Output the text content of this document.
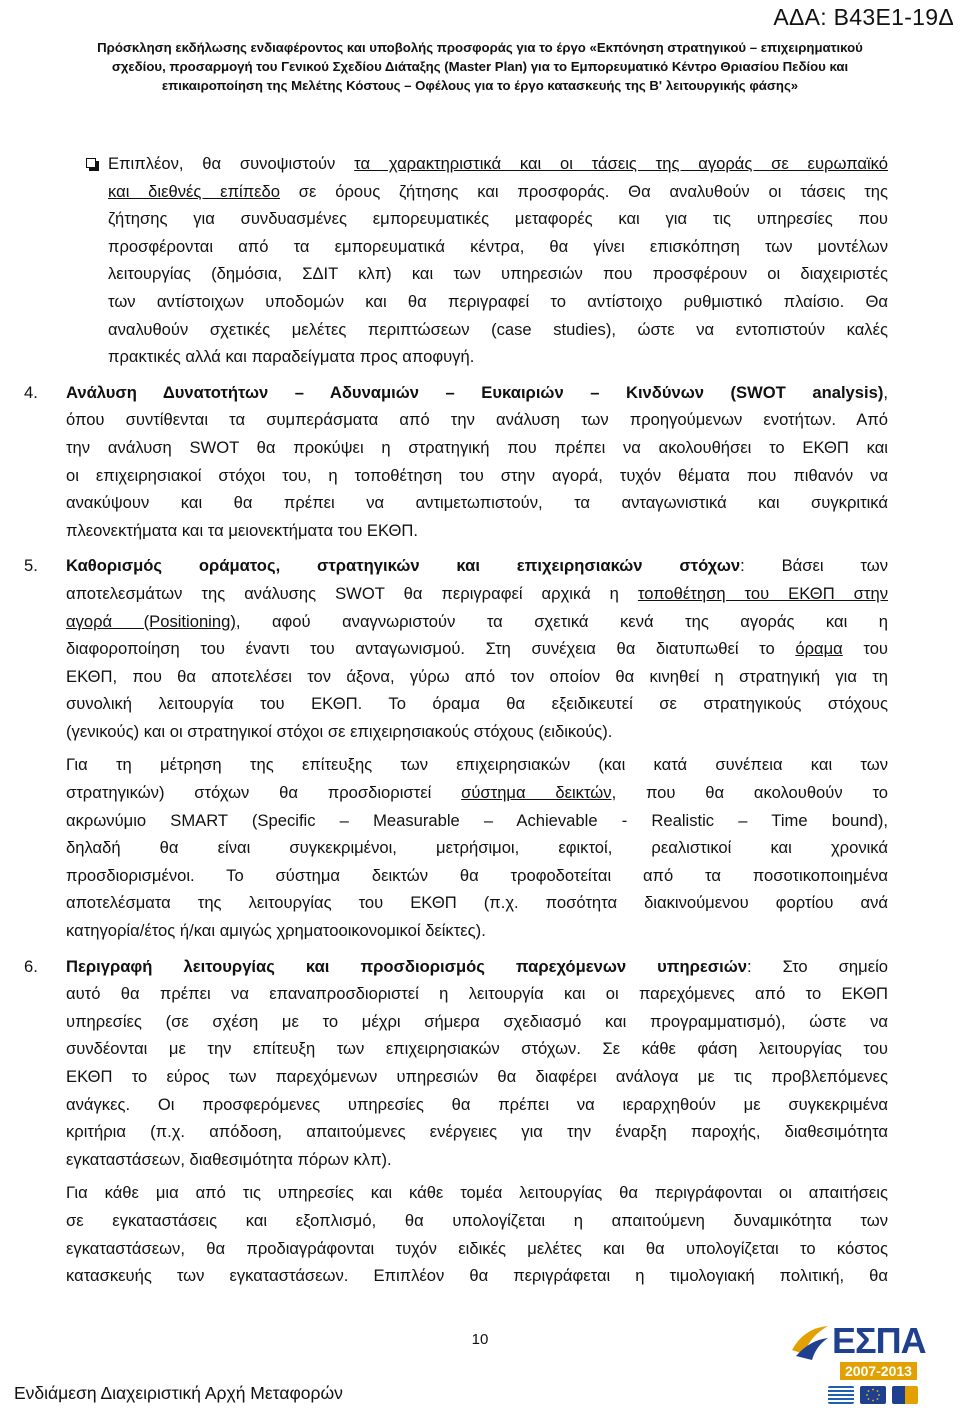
ΑΔΑ: Β43Ε1-19Δ
Πρόσκληση εκδήλωσης ενδιαφέροντος και υποβολής προσφοράς για το έργο «Εκπόνηση στρατηγικού – επιχειρηματικού
σχεδίου, προσαρμογή του Γενικού Σχεδίου Διάταξης (Master Plan) για το Εμπορευματικό Κέντρο Θριασίου Πεδίου και
επικαιροποίηση της Μελέτης Κόστους – Οφέλους για το έργο κατασκευής της Β' λειτουργικής φάσης»
Επιπλέον, θα συνοψιστούν τα χαρακτηριστικά και οι τάσεις της αγοράς σε ευρωπαϊκό
και διεθνές επίπεδο σε όρους ζήτησης και προσφοράς. Θα αναλυθούν οι τάσεις της
ζήτησης για συνδυασμένες εμπορευματικές μεταφορές και για τις υπηρεσίες που
προσφέρονται από τα εμπορευματικά κέντρα, θα γίνει επισκόπηση των μοντέλων
λειτουργίας (δημόσια, ΣΔΙΤ κλπ) και των υπηρεσιών που προσφέρουν οι διαχειριστές
των αντίστοιχων υποδομών και θα περιγραφεί το αντίστοιχο ρυθμιστικό πλαίσιο. Θα
αναλυθούν σχετικές μελέτες περιπτώσεων (case studies), ώστε να εντοπιστούν καλές
πρακτικές αλλά και παραδείγματα προς αποφυγή.
4. Ανάλυση Δυνατοτήτων – Αδυναμιών – Ευκαιριών – Κινδύνων (SWOT analysis),
όπου συντίθενται τα συμπεράσματα από την ανάλυση των προηγούμενων ενοτήτων. Από
την ανάλυση SWOT θα προκύψει η στρατηγική που πρέπει να ακολουθήσει το ΕΚΘΠ και
οι επιχειρησιακοί στόχοι του, η τοποθέτηση του στην αγορά, τυχόν θέματα που πιθανόν να
ανακύψουν και θα πρέπει να αντιμετωπιστούν, τα ανταγωνιστικά και συγκριτικά
πλεονεκτήματα και τα μειονεκτήματα του ΕΚΘΠ.
5. Καθορισμός οράματος, στρατηγικών και επιχειρησιακών στόχων: Βάσει των
αποτελεσμάτων της ανάλυσης SWOT θα περιγραφεί αρχικά η τοποθέτηση του ΕΚΘΠ στην
αγορά (Positioning), αφού αναγνωριστούν τα σχετικά κενά της αγοράς και η
διαφοροποίηση του έναντι του ανταγωνισμού. Στη συνέχεια θα διατυπωθεί το όραμα του
ΕΚΘΠ, που θα αποτελέσει τον άξονα, γύρω από τον οποίον θα κινηθεί η στρατηγική για τη
συνολική λειτουργία του ΕΚΘΠ. Το όραμα θα εξειδικευτεί σε στρατηγικούς στόχους
(γενικούς) και οι στρατηγικοί στόχοι σε επιχειρησιακούς στόχους (ειδικούς).
Για τη μέτρηση της επίτευξης των επιχειρησιακών (και κατά συνέπεια και των
στρατηγικών) στόχων θα προσδιοριστεί σύστημα δεικτών, που θα ακολουθούν το
ακρωνύμιο SMART (Specific – Measurable – Achievable - Realistic – Time bound),
δηλαδή θα είναι συγκεκριμένοι, μετρήσιμοι, εφικτοί, ρεαλιστικοί και χρονικά
προσδιορισμένοι. Το σύστημα δεικτών θα τροφοδοτείται από τα ποσοτικοποιημένα
αποτελέσματα της λειτουργίας του ΕΚΘΠ (π.χ. ποσότητα διακινούμενου φορτίου ανά
κατηγορία/έτος ή/και αμιγώς χρηματοοικονομικοί δείκτες).
6. Περιγραφή λειτουργίας και προσδιορισμός παρεχόμενων υπηρεσιών: Στο σημείο
αυτό θα πρέπει να επαναπροσδιοριστεί η λειτουργία και οι παρεχόμενες από το ΕΚΘΠ
υπηρεσίες (σε σχέση με το μέχρι σήμερα σχεδιασμό και προγραμματισμό), ώστε να
συνδέονται με την επίτευξη των επιχειρησιακών στόχων. Σε κάθε φάση λειτουργίας του
ΕΚΘΠ το εύρος των παρεχόμενων υπηρεσιών θα διαφέρει ανάλογα με τις προβλεπόμενες
ανάγκες. Οι προσφερόμενες υπηρεσίες θα πρέπει να ιεραρχηθούν με συγκεκριμένα
κριτήρια (π.χ. απόδοση, απαιτούμενες ενέργειες για την έναρξη παροχής, διαθεσιμότητα
εγκαταστάσεων, διαθεσιμότητα πόρων κλπ).
Για κάθε μια από τις υπηρεσίες και κάθε τομέα λειτουργίας θα περιγράφονται οι απαιτήσεις
σε εγκαταστάσεις και εξοπλισμό, θα υπολογίζεται η απαιτούμενη δυναμικότητα των
εγκαταστάσεων, θα προδιαγράφονται τυχόν ειδικές μελέτες και θα υπολογίζεται το κόστος
κατασκευής των εγκαταστάσεων. Επιπλέον θα περιγράφεται η τιμολογιακή πολιτική, θα
10
Ενδιάμεση Διαχειριστική Αρχή Μεταφορών
ΕΣΠΑ
2007-2013
